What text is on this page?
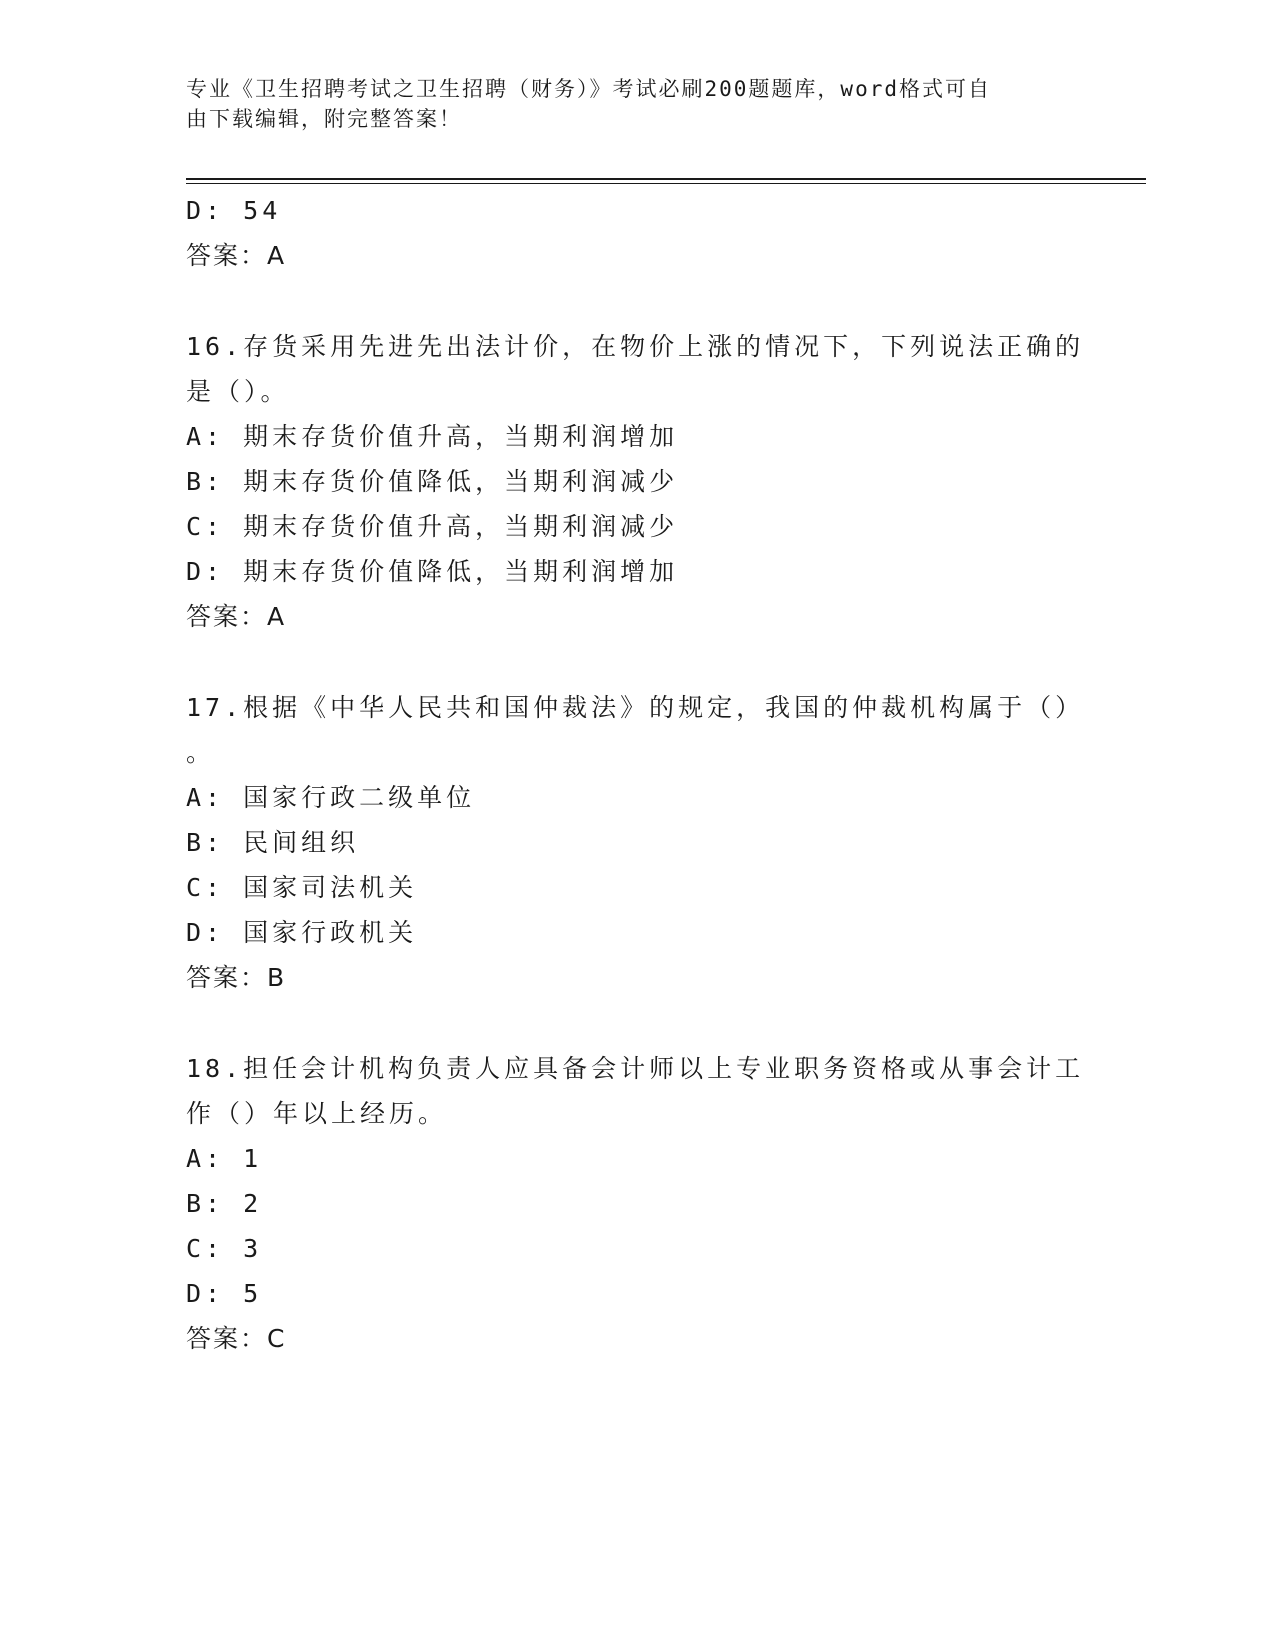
专业《卫生招聘考试之卫生招聘（财务）》考试必刷200题题库，word格式可自
由下载编辑，附完整答案！
D: 54
答案：A
16.存货采用先进先出法计价，在物价上涨的情况下，下列说法正确的
是（）。
A: 期末存货价值升高，当期利润增加
B: 期末存货价值降低，当期利润减少
C: 期末存货价值升高，当期利润减少
D: 期末存货价值降低，当期利润增加
答案：A
17.根据《中华人民共和国仲裁法》的规定，我国的仲裁机构属于（）
。
A: 国家行政二级单位
B: 民间组织
C: 国家司法机关
D: 国家行政机关
答案：B
18.担任会计机构负责人应具备会计师以上专业职务资格或从事会计工
作（）年以上经历。
A: 1
B: 2
C: 3
D: 5
答案：C
